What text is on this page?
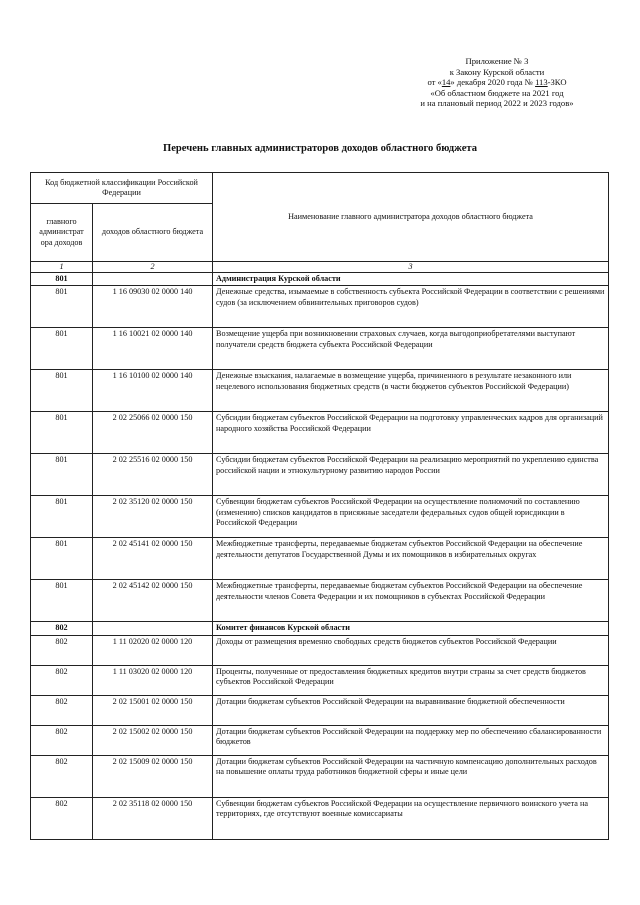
Приложение № 3
к Закону Курской области
от «14» декабря 2020 года № 113-ЗКО
«Об областном бюджете на 2021 год
и на плановый период 2022 и 2023 годов»
Перечень главных администраторов доходов областного бюджета
Код бюджетной классификации Российской Федерации		Наименование главного администратора доходов областного бюджета
главного администрат ора доходов	доходов областного бюджета	
1	2	3
801		Администрация Курской области
801	1 16 09030 02 0000 140	Денежные средства, изымаемые в собственность субъекта Российской Федерации в соответствии с решениями судов (за исключением обвинительных приговоров судов)
801	1 16 10021 02 0000 140	Возмещение ущерба при возникновении страховых случаев, когда выгодоприобретателями выступают получатели средств бюджета субъекта Российской Федерации
801	1 16 10100 02 0000 140	Денежные взыскания, налагаемые в возмещение ущерба, причиненного в результате незаконного или нецелевого использования бюджетных средств (в части бюджетов субъектов Российской Федерации)
801	2 02 25066 02 0000 150	Субсидии бюджетам субъектов Российской Федерации на подготовку управленческих кадров для организаций народного хозяйства Российской Федерации
801	2 02 25516 02 0000 150	Субсидии бюджетам субъектов Российской Федерации на реализацию мероприятий по укреплению единства российской нации и этнокультурному развитию народов России
801	2 02 35120 02 0000 150	Субвенции бюджетам субъектов Российской Федерации на осуществление полномочий по составлению (изменению) списков кандидатов в присяжные заседатели федеральных судов общей юрисдикции в Российской Федерации
801	2 02 45141 02 0000 150	Межбюджетные трансферты, передаваемые бюджетам субъектов Российской Федерации на обеспечение деятельности депутатов Государственной Думы и их помощников в избирательных округах
801	2 02 45142 02 0000 150	Межбюджетные трансферты, передаваемые бюджетам субъектов Российской Федерации на обеспечение деятельности членов Совета Федерации и их помощников в субъектах Российской Федерации
802		Комитет финансов Курской области
802	1 11 02020 02 0000 120	Доходы от размещения временно свободных средств бюджетов субъектов Российской Федерации
802	1 11 03020 02 0000 120	Проценты, полученные от предоставления бюджетных кредитов внутри страны за счет средств бюджетов субъектов Российской Федерации
802	2 02 15001 02 0000 150	Дотации бюджетам субъектов Российской Федерации на выравнивание бюджетной обеспеченности
802	2 02 15002 02 0000 150	Дотации бюджетам субъектов Российской Федерации на поддержку мер по обеспечению сбалансированности бюджетов
802	2 02 15009 02 0000 150	Дотации бюджетам субъектов Российской Федерации на частичную компенсацию дополнительных расходов на повышение оплаты труда работников бюджетной сферы и иные цели
802	2 02 35118 02 0000 150	Субвенции бюджетам субъектов Российской Федерации на осуществление первичного воинского учета на территориях, где отсутствуют военные комиссариаты
